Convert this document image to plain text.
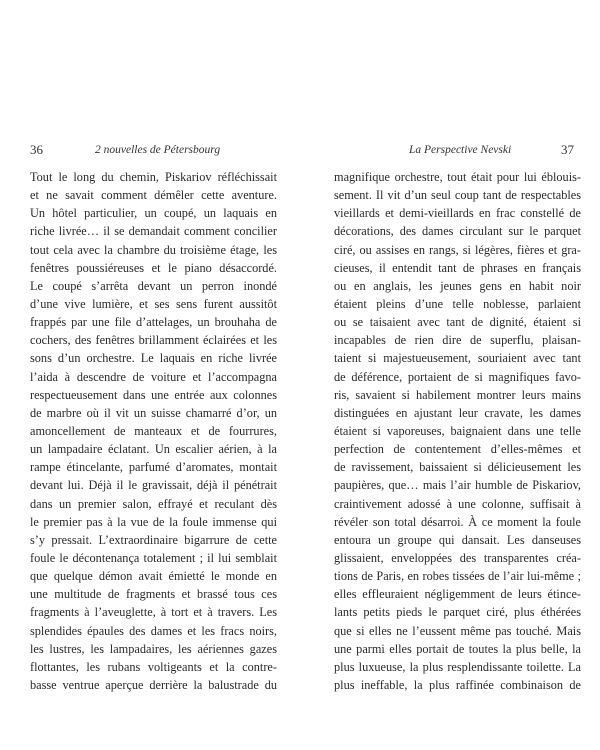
36	2 nouvelles de Pétersbourg
Tout le long du chemin, Piskariov réfléchissait
et ne savait comment démêler cette aventure.
Un hôtel particulier, un coupé, un laquais en
riche livrée… il se demandait comment concilier
tout cela avec la chambre du troisième étage, les
fenêtres poussiéreuses et le piano désaccordé.
Le coupé s’arrêta devant un perron inondé
d’une vive lumière, et ses sens furent aussitôt
frappés par une file d’attelages, un brouhaha de
cochers, des fenêtres brillamment éclairées et les
sons d’un orchestre. Le laquais en riche livrée
l’aida à descendre de voiture et l’accompagna
respectueusement dans une entrée aux colonnes
de marbre où il vit un suisse chamarré d’or, un
amoncellement de manteaux et de fourrures,
un lampadaire éclatant. Un escalier aérien, à la
rampe étincelante, parfumé d’aromates, montait
devant lui. Déjà il le gravissait, déjà il pénétrait
dans un premier salon, effrayé et reculant dès
le premier pas à la vue de la foule immense qui
s’y pressait. L’extraordinaire bigarrure de cette
foule le décontenança totalement ; il lui semblait
que quelque démon avait émietté le monde en
une multitude de fragments et brassé tous ces
fragments à l’aveuglette, à tort et à travers. Les
splendides épaules des dames et les fracs noirs,
les lustres, les lampadaires, les aériennes gazes
flottantes, les rubans voltigeants et la contre-
basse ventrue aperçue derrière la balustrade du
La Perspective Nevski	37
magnifique orchestre, tout était pour lui éblouis-
sement. Il vit d’un seul coup tant de respectables
vieillards et demi-vieillards en frac constellé de
décorations, des dames circulant sur le parquet
ciré, ou assises en rangs, si légères, fières et gra-
cieuses, il entendit tant de phrases en français
ou en anglais, les jeunes gens en habit noir
étaient pleins d’une telle noblesse, parlaient
ou se taisaient avec tant de dignité, étaient si
incapables de rien dire de superflu, plaisan-
taient si majestueusement, souriaient avec tant
de déférence, portaient de si magnifiques favo-
ris, savaient si habilement montrer leurs mains
distinguées en ajustant leur cravate, les dames
étaient si vaporeuses, baignaient dans une telle
perfection de contentement d’elles-mêmes et
de ravissement, baissaient si délicieusement les
paupières, que… mais l’air humble de Piskariov,
craintivement adossé à une colonne, suffisait à
révéler son total désarroi. À ce moment la foule
entoura un groupe qui dansait. Les danseuses
glissaient, enveloppées des transparentes créa-
tions de Paris, en robes tissées de l’air lui-même ;
elles effleuraient négligemment de leurs étince-
lants petits pieds le parquet ciré, plus éthérées
que si elles ne l’eussent même pas touché. Mais
une parmi elles portait de toutes la plus belle, la
plus luxueuse, la plus resplendissante toilette. La
plus ineffable, la plus raffinée combinaison de
